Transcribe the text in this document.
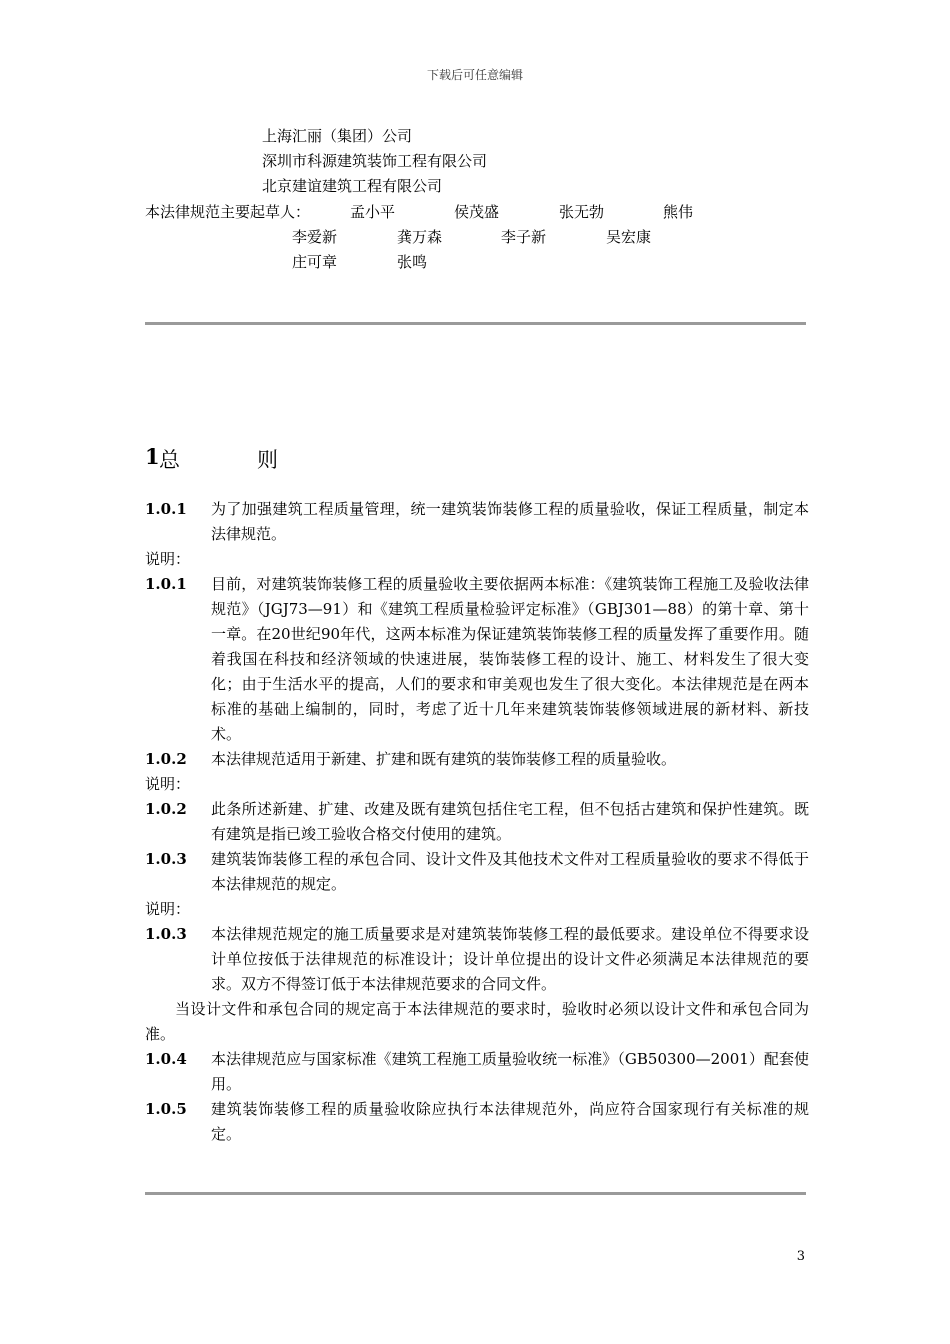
下载后可任意编辑
上海汇丽（集团）公司
深圳市科源建筑装饰工程有限公司
北京建谊建筑工程有限公司
本法律规范主要起草人：	孟小平	侯茂盛	张无勃	熊伟
李爱新	龚万森	李子新	吴宏康
庄可章	张鸣
1 总	则
1.0.1 为了加强建筑工程质量管理，统一建筑装饰装修工程的质量验收，保证工程质量，制定本法律规范。
说明：
1.0.1 目前，对建筑装饰装修工程的质量验收主要依据两本标准：《建筑装饰工程施工及验收法律规范》（JGJ73—91）和《建筑工程质量检验评定标准》（GBJ301—88）的第十章、第十一章。在20世纪90年代，这两本标准为保证建筑装饰装修工程的质量发挥了重要作用。随着我国在科技和经济领域的快速进展，装饰装修工程的设计、施工、材料发生了很大变化；由于生活水平的提高，人们的要求和审美观也发生了很大变化。本法律规范是在两本标准的基础上编制的，同时，考虑了近十几年来建筑装饰装修领域进展的新材料、新技术。
1.0.2 本法律规范适用于新建、扩建和既有建筑的装饰装修工程的质量验收。
说明：
1.0.2 此条所述新建、扩建、改建及既有建筑包括住宅工程，但不包括古建筑和保护性建筑。既有建筑是指已竣工验收合格交付使用的建筑。
1.0.3 建筑装饰装修工程的承包合同、设计文件及其他技术文件对工程质量验收的要求不得低于本法律规范的规定。
说明：
1.0.3 本法律规范规定的施工质量要求是对建筑装饰装修工程的最低要求。建设单位不得要求设计单位按低于法律规范的标准设计；设计单位提出的设计文件必须满足本法律规范的要求。双方不得签订低于本法律规范要求的合同文件。
当设计文件和承包合同的规定高于本法律规范的要求时，验收时必须以设计文件和承包合同为准。
1.0.4 本法律规范应与国家标准《建筑工程施工质量验收统一标准》（GB50300—2001）配套使用。
1.0.5 建筑装饰装修工程的质量验收除应执行本法律规范外，尚应符合国家现行有关标准的规定。
3
